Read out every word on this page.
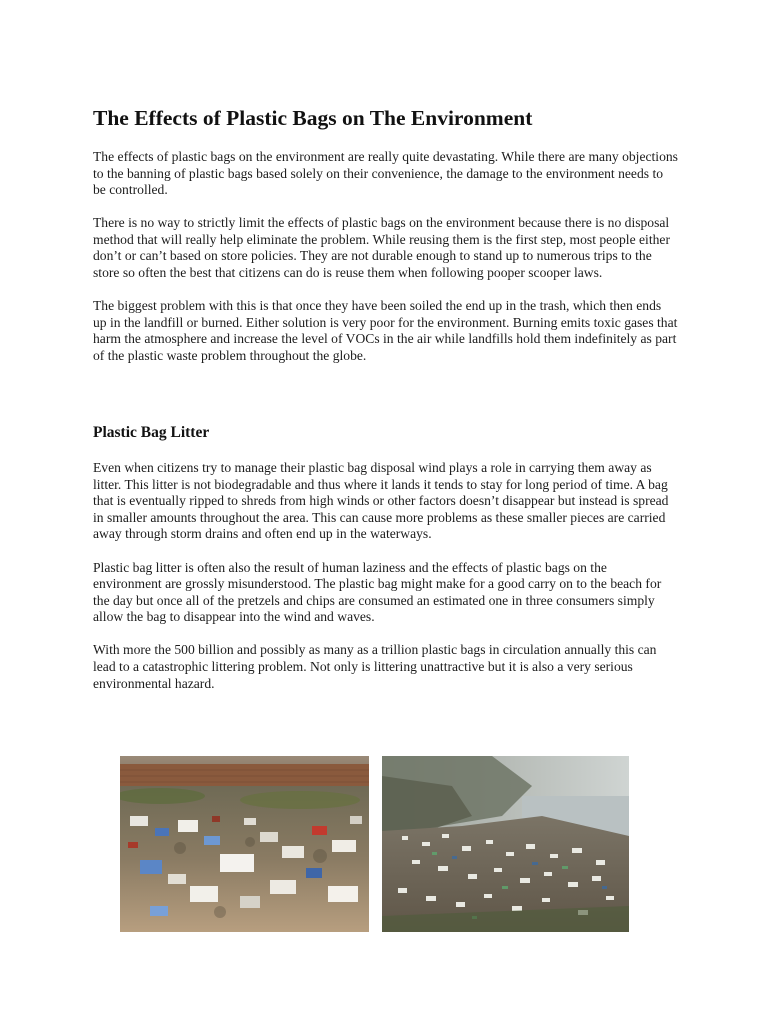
The Effects of Plastic Bags on The Environment

The effects of plastic bags on the environment are really quite devastating. While there are many objections to the banning of plastic bags based solely on their convenience, the damage to the environment needs to be controlled.

There is no way to strictly limit the effects of plastic bags on the environment because there is no disposal method that will really help eliminate the problem. While reusing them is the first step, most people either don’t or can’t based on store policies. They are not durable enough to stand up to numerous trips to the store so often the best that citizens can do is reuse them when following pooper scooper laws.

The biggest problem with this is that once they have been soiled the end up in the trash, which then ends up in the landfill or burned. Either solution is very poor for the environment. Burning emits toxic gases that harm the atmosphere and increase the level of VOCs in the air while landfills hold them indefinitely as part of the plastic waste problem throughout the globe.

Plastic Bag Litter

Even when citizens try to manage their plastic bag disposal wind plays a role in carrying them away as litter. This litter is not biodegradable and thus where it lands it tends to stay for long period of time. A bag that is eventually ripped to shreds from high winds or other factors doesn’t disappear but instead is spread in smaller amounts throughout the area. This can cause more problems as these smaller pieces are carried away through storm drains and often end up in the waterways.

Plastic bag litter is often also the result of human laziness and the effects of plastic bags on the environment are grossly misunderstood. The plastic bag might make for a good carry on to the beach for the day but once all of the pretzels and chips are consumed an estimated one in three consumers simply allow the bag to disappear into the wind and waves.

With more the 500 billion and possibly as many as a trillion plastic bags in circulation annually this can lead to a catastrophic littering problem. Not only is littering unattractive but it is also a very serious environmental hazard.
